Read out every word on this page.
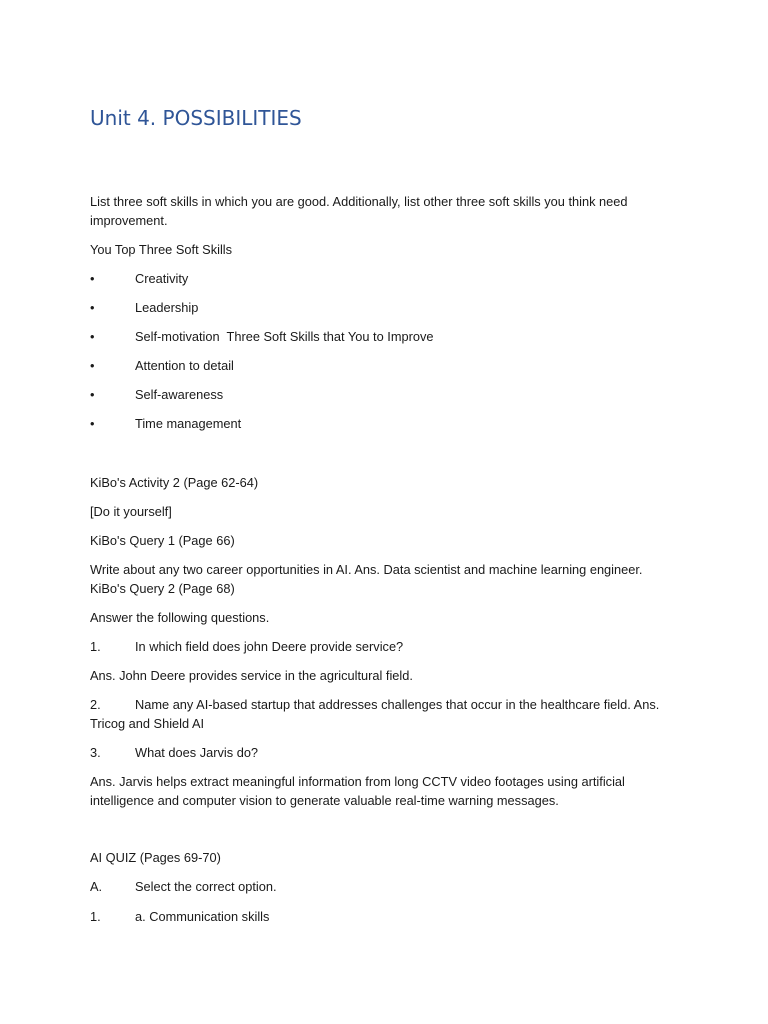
Unit 4. POSSIBILITIES

List three soft skills in which you are good. Additionally, list other three soft skills you think need improvement.

You Top Three Soft Skills

•	Creativity
•	Leadership
•	Self-motivation  Three Soft Skills that You to Improve
•	Attention to detail
•	Self-awareness
•	Time management

KiBo's Activity 2 (Page 62-64)

[Do it yourself]

KiBo's Query 1 (Page 66)

Write about any two career opportunities in AI. Ans. Data scientist and machine learning engineer.

KiBo's Query 2 (Page 68)

Answer the following questions.

1.	In which field does john Deere provide service?

Ans. John Deere provides service in the agricultural field.

2.	Name any AI-based startup that addresses challenges that occur in the healthcare field. Ans.
Tricog and Shield AI
3.	What does Jarvis do?

Ans. Jarvis helps extract meaningful information from long CCTV video footages using artificial intelligence and computer vision to generate valuable real-time warning messages.

AI QUIZ (Pages 69-70)

A.	Select the correct option.
1.	a. Communication skills
